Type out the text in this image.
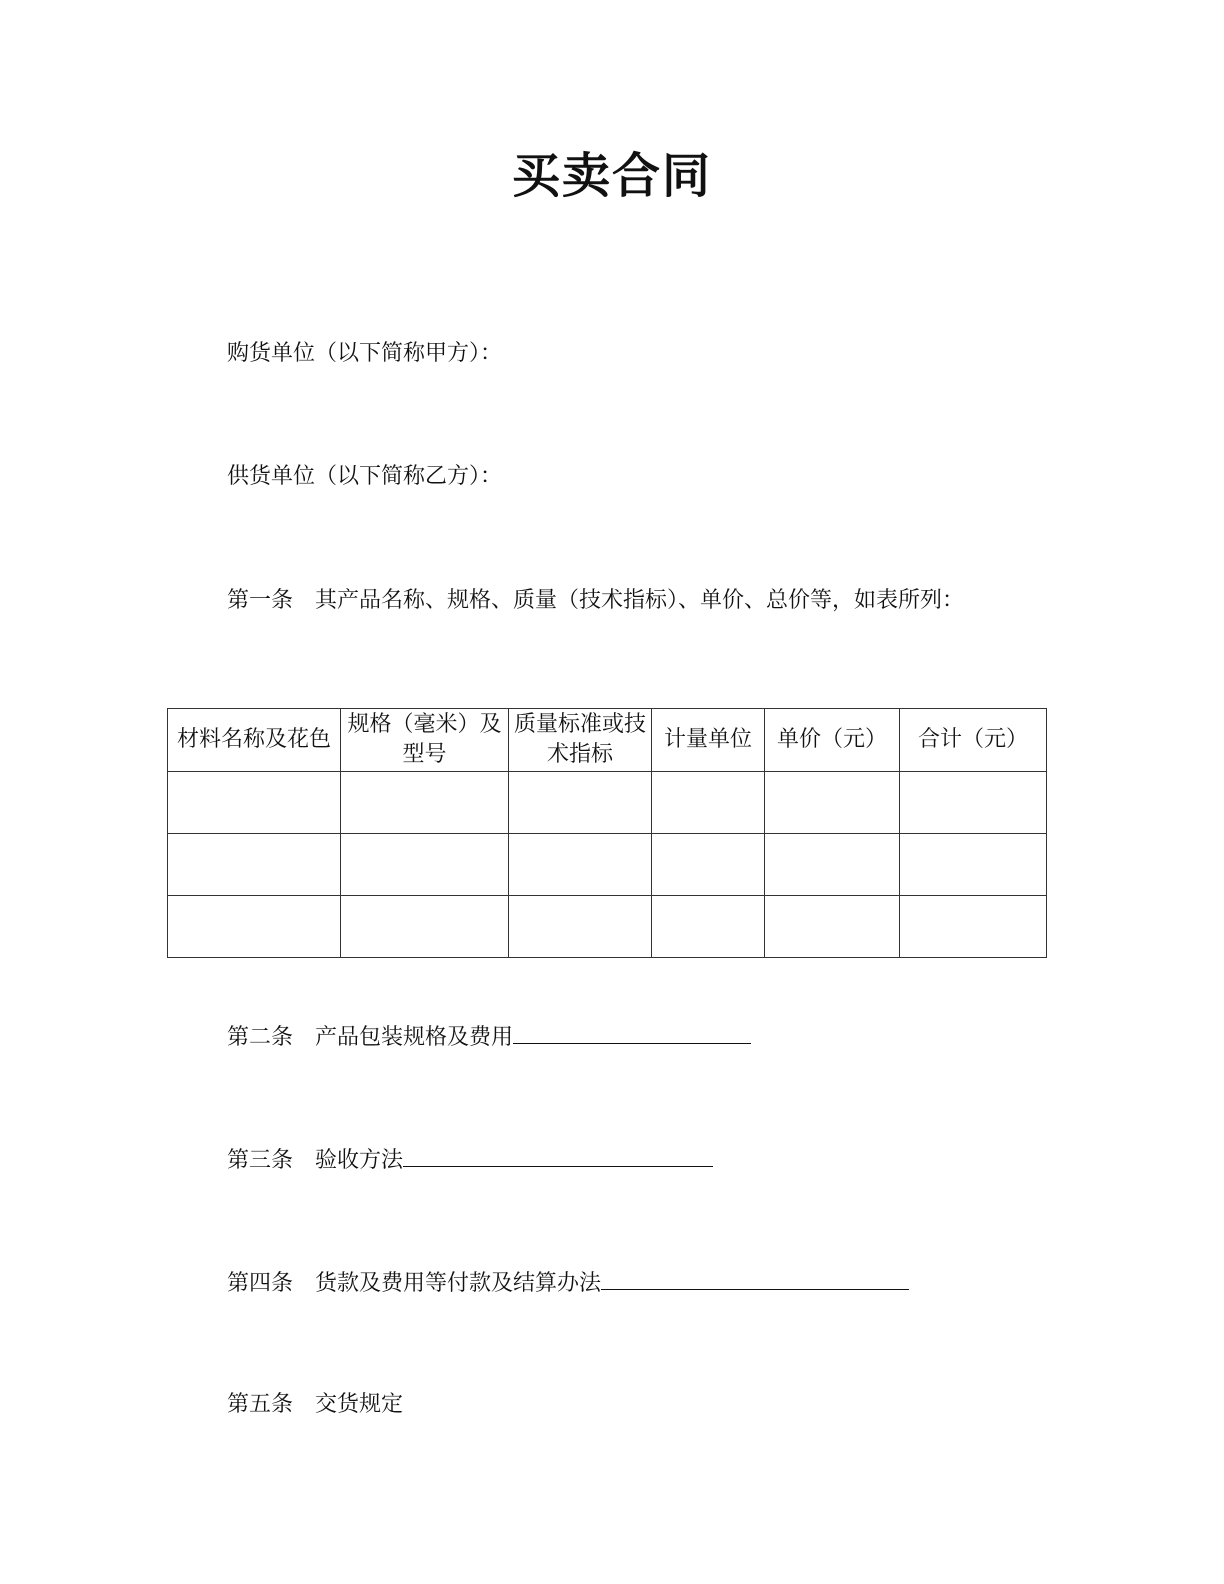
买卖合同
购货单位（以下简称甲方）：
供货单位（以下简称乙方）：
第一条 其产品名称、规格、质量（技术指标）、单价、总价等，如表所列：
材料名称及花色	规格（毫米）及型号	质量标准或技术指标	计量单位	单价（元）	合计（元）

第二条 产品包装规格及费用
第三条 验收方法
第四条 货款及费用等付款及结算办法
第五条 交货规定
